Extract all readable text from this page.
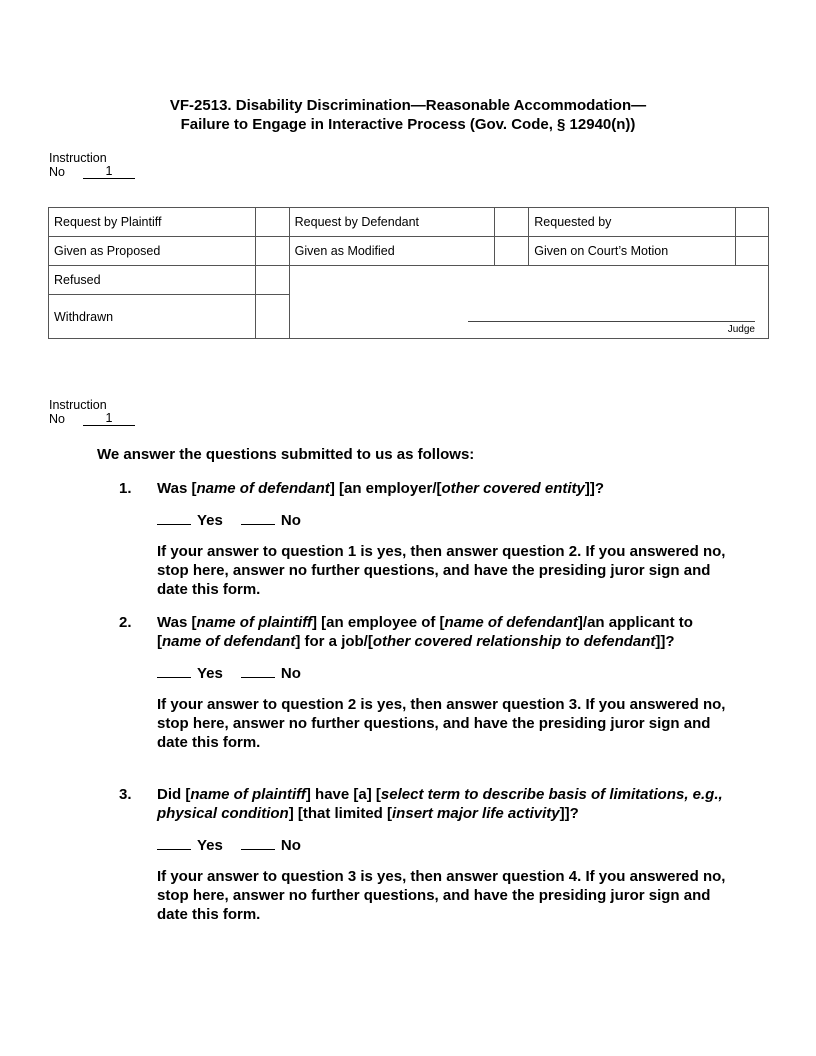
VF-2513. Disability Discrimination—Reasonable Accommodation—
Failure to Engage in Interactive Process (Gov. Code, § 12940(n))
Instruction
No	1
Request by Plaintiff		Request by Defendant		Requested by	
Given as Proposed		Given as Modified		Given on Court’s Motion	
Refused		Judge			

Withdrawn					
Instruction
No	1
We answer the questions submitted to us as follows:
1. Was [name of defendant] [an employer/[other covered entity]]?

Yes	No

If your answer to question 1 is yes, then answer question 2. If you answered no, stop here, answer no further questions, and have the presiding juror sign and date this form.

2. Was [name of plaintiff] [an employee of [name of defendant]/an applicant to [name of defendant] for a job/[other covered relationship to defendant]]?

Yes	No

If your answer to question 2 is yes, then answer question 3. If you answered no, stop here, answer no further questions, and have the presiding juror sign and date this form.

3. Did [name of plaintiff] have [a] [select term to describe basis of limitations, e.g., physical condition] [that limited [insert major life activity]]?

Yes	No

If your answer to question 3 is yes, then answer question 4. If you answered no, stop here, answer no further questions, and have the presiding juror sign and date this form.
